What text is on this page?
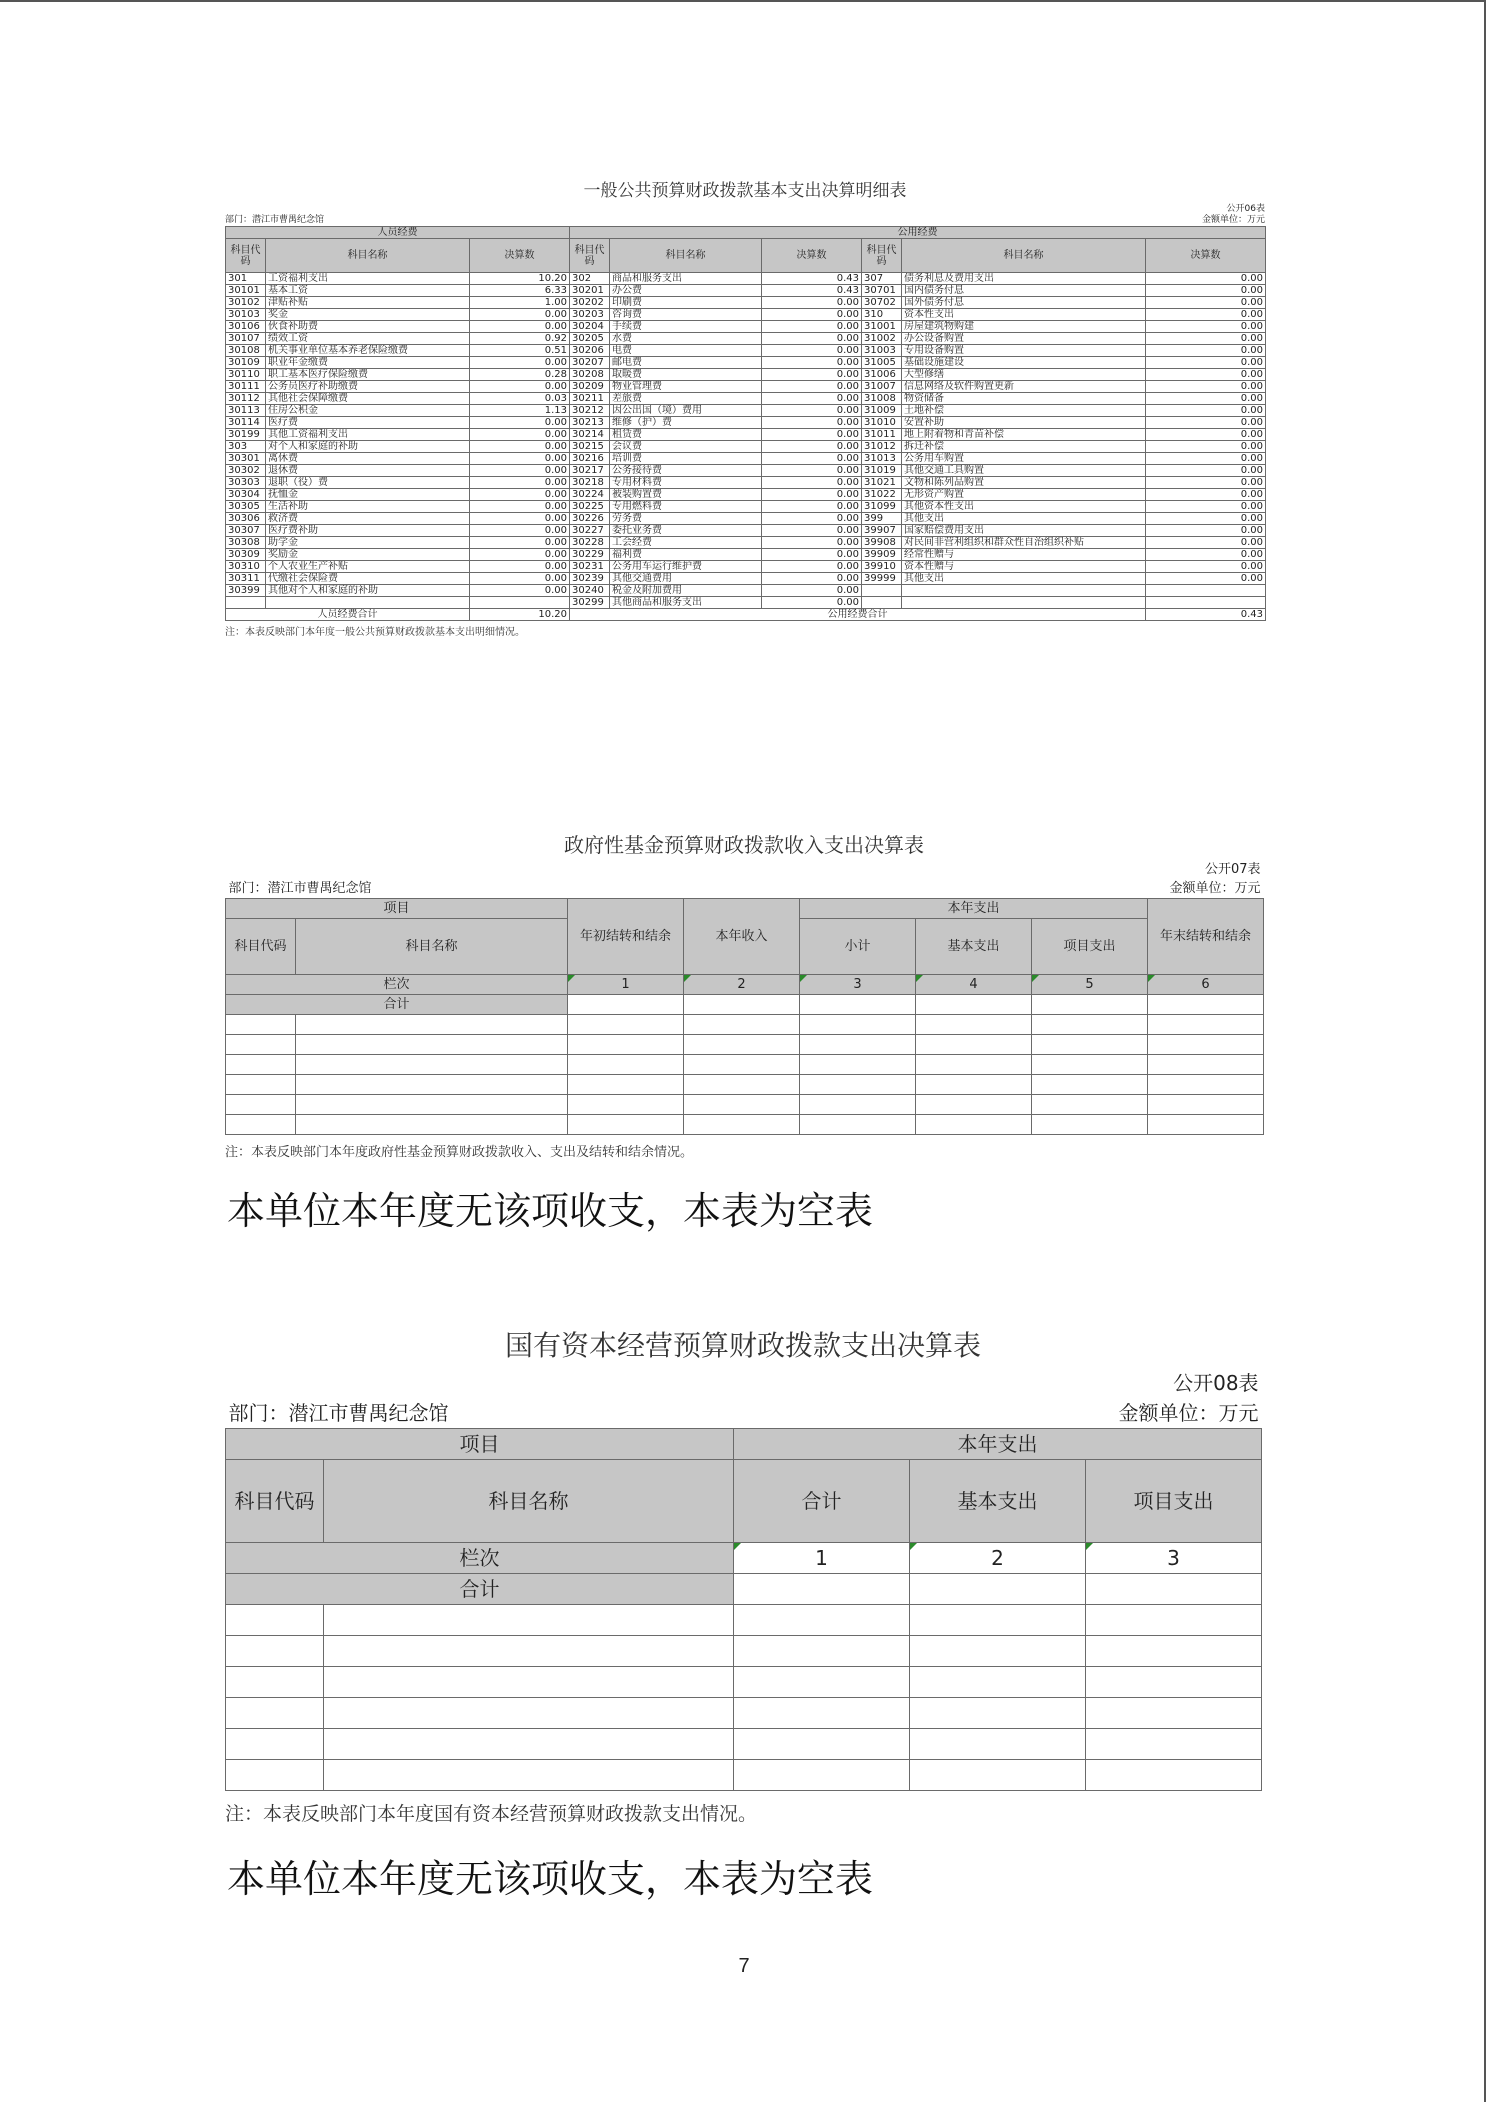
一般公共预算财政拨款基本支出决算明细表
部门：潜江市曹禺纪念馆
公开06表
金额单位：万元
人员经费			公用经费					
科目代码	科目名称	决算数	科目代码	科目名称	决算数	科目代码	科目名称	决算数
301	工资福利支出	10.20	302	商品和服务支出	0.43	307	债务利息及费用支出	0.00
30101	基本工资	6.33	30201	办公费	0.43	30701	国内债务付息	0.00
30102	津贴补贴	1.00	30202	印刷费	0.00	30702	国外债务付息	0.00
30103	奖金	0.00	30203	咨询费	0.00	310	资本性支出	0.00
30106	伙食补助费	0.00	30204	手续费	0.00	31001	房屋建筑物购建	0.00
30107	绩效工资	0.92	30205	水费	0.00	31002	办公设备购置	0.00
30108	机关事业单位基本养老保险缴费	0.51	30206	电费	0.00	31003	专用设备购置	0.00
30109	职业年金缴费	0.00	30207	邮电费	0.00	31005	基础设施建设	0.00
30110	职工基本医疗保险缴费	0.28	30208	取暖费	0.00	31006	大型修缮	0.00
30111	公务员医疗补助缴费	0.00	30209	物业管理费	0.00	31007	信息网络及软件购置更新	0.00
30112	其他社会保障缴费	0.03	30211	差旅费	0.00	31008	物资储备	0.00
30113	住房公积金	1.13	30212	因公出国（境）费用	0.00	31009	土地补偿	0.00
30114	医疗费	0.00	30213	维修（护）费	0.00	31010	安置补助	0.00
30199	其他工资福利支出	0.00	30214	租赁费	0.00	31011	地上附着物和青苗补偿	0.00
303	对个人和家庭的补助	0.00	30215	会议费	0.00	31012	拆迁补偿	0.00
30301	离休费	0.00	30216	培训费	0.00	31013	公务用车购置	0.00
30302	退休费	0.00	30217	公务接待费	0.00	31019	其他交通工具购置	0.00
30303	退职（役）费	0.00	30218	专用材料费	0.00	31021	文物和陈列品购置	0.00
30304	抚恤金	0.00	30224	被装购置费	0.00	31022	无形资产购置	0.00
30305	生活补助	0.00	30225	专用燃料费	0.00	31099	其他资本性支出	0.00
30306	救济费	0.00	30226	劳务费	0.00	399	其他支出	0.00
30307	医疗费补助	0.00	30227	委托业务费	0.00	39907	国家赔偿费用支出	0.00
30308	助学金	0.00	30228	工会经费	0.00	39908	对民间非营利组织和群众性自治组织补贴	0.00
30309	奖励金	0.00	30229	福利费	0.00	39909	经常性赠与	0.00
30310	个人农业生产补贴	0.00	30231	公务用车运行维护费	0.00	39910	资本性赠与	0.00
30311	代缴社会保险费	0.00	30239	其他交通费用	0.00	39999	其他支出	0.00
30399	其他对个人和家庭的补助	0.00	30240	税金及附加费用	0.00			
			30299	其他商品和服务支出	0.00			
人员经费合计		10.20	公用经费合计					0.43
注：本表反映部门本年度一般公共预算财政拨款基本支出明细情况。
政府性基金预算财政拨款收入支出决算表
公开07表							
部门：潜江市曹禺纪念馆				金额单位：万元			
项目		年初结转和结余	本年收入	本年支出			年末结转和结余
科目代码	科目名称			小计	基本支出	项目支出	
栏次		1	2	3	4	5	6
合计							

注：本表反映部门本年度政府性基金预算财政拨款收入、支出及结转和结余情况。
本单位本年度无该项收支，本表为空表
国有资本经营预算财政拨款支出决算表
公开08表				
部门：潜江市曹禺纪念馆			金额单位：万元	
项目		本年支出		
科目代码	科目名称	合计	基本支出	项目支出
栏次		1	2	3
合计				

注：本表反映部门本年度国有资本经营预算财政拨款支出情况。
本单位本年度无该项收支，本表为空表
7
